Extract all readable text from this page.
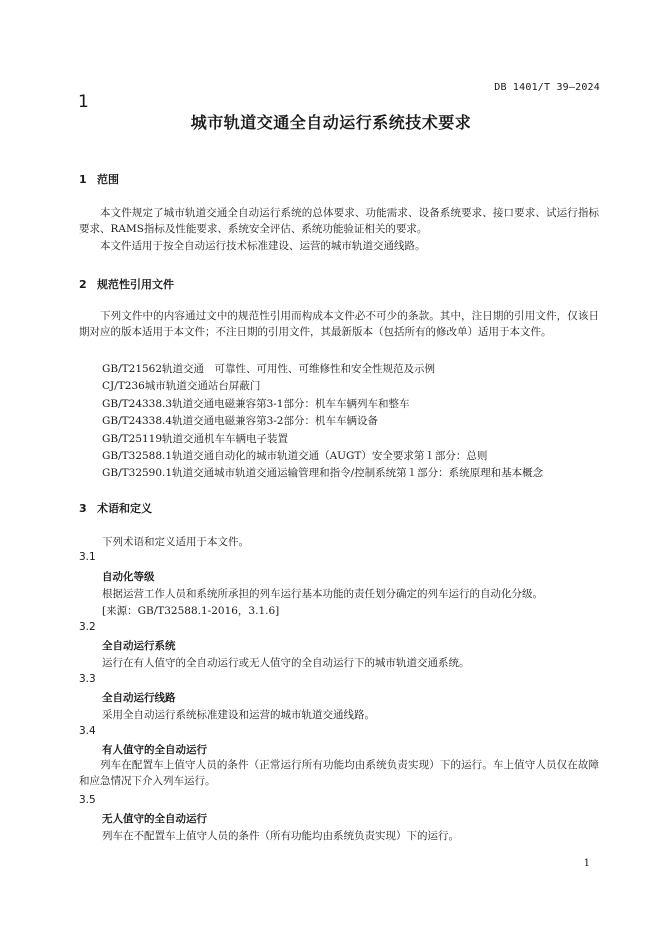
DB 1401/T 39—2024
1
城市轨道交通全自动运行系统技术要求
1 范围
本文件规定了城市轨道交通全自动运行系统的总体要求、功能需求、设备系统要求、接口要求、试运行指标要求、RAMS指标及性能要求、系统安全评估、系统功能验证相关的要求。
本文件适用于按全自动运行技术标准建设、运营的城市轨道交通线路。
2 规范性引用文件
下列文件中的内容通过文中的规范性引用而构成本文件必不可少的条款。其中，注日期的引用文件，仅该日期对应的版本适用于本文件；不注日期的引用文件，其最新版本（包括所有的修改单）适用于本文件。
GB/T21562轨道交通　可靠性、可用性、可维修性和安全性规范及示例
CJ/T236城市轨道交通站台屏蔽门
GB/T24338.3轨道交通电磁兼容第3-1部分：机车车辆列车和整车
GB/T24338.4轨道交通电磁兼容第3-2部分：机车车辆设备
GB/T25119轨道交通机车车辆电子装置
GB/T32588.1轨道交通自动化的城市轨道交通（AUGT）安全要求第１部分：总则
GB/T32590.1轨道交通城市轨道交通运输管理和指令/控制系统第１部分：系统原理和基本概念
3 术语和定义
下列术语和定义适用于本文件。
3.1
自动化等级
根据运营工作人员和系统所承担的列车运行基本功能的责任划分确定的列车运行的自动化分级。
[来源：GB/T32588.1-2016，3.1.6]
3.2
全自动运行系统
运行在有人值守的全自动运行或无人值守的全自动运行下的城市轨道交通系统。
3.3
全自动运行线路
采用全自动运行系统标准建设和运营的城市轨道交通线路。
3.4
有人值守的全自动运行
列车在配置车上值守人员的条件（正常运行所有功能均由系统负责实现）下的运行。车上值守人员仅在故障和应急情况下介入列车运行。
3.5
无人值守的全自动运行
列车在不配置车上值守人员的条件（所有功能均由系统负责实现）下的运行。
1
